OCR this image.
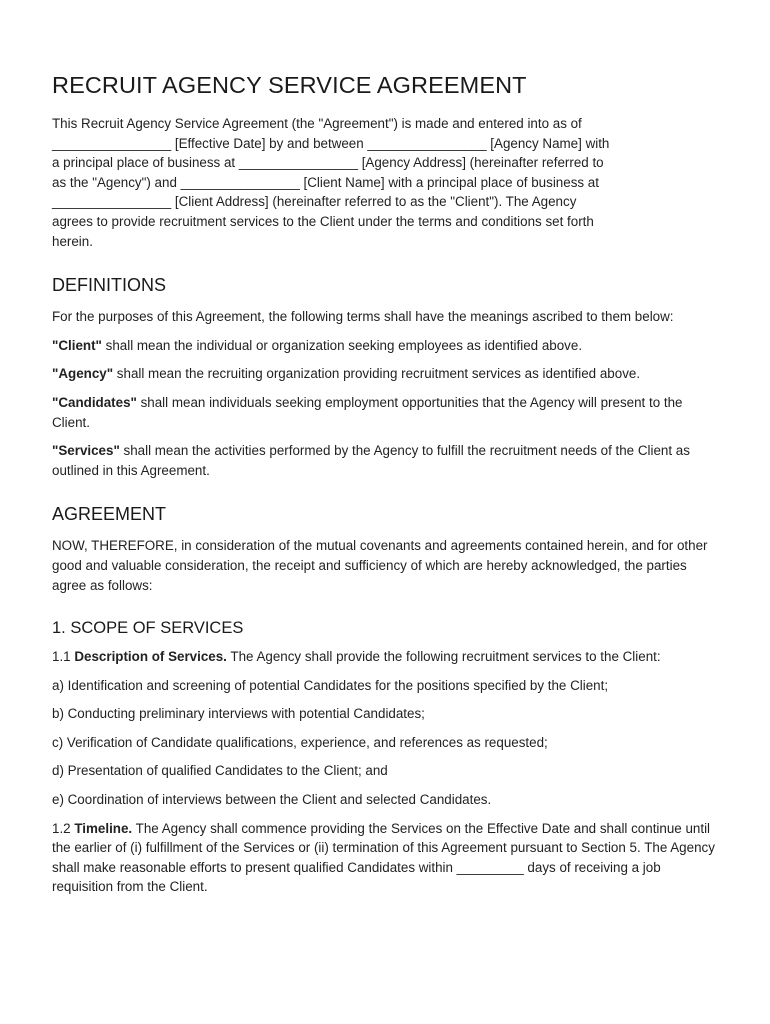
RECRUIT AGENCY SERVICE AGREEMENT

This Recruit Agency Service Agreement (the "Agreement") is made and entered into as of
________________ [Effective Date] by and between ________________ [Agency Name] with
a principal place of business at ________________ [Agency Address] (hereinafter referred to
as the "Agency") and ________________ [Client Name] with a principal place of business at
________________ [Client Address] (hereinafter referred to as the "Client"). The Agency
agrees to provide recruitment services to the Client under the terms and conditions set forth
herein.

DEFINITIONS

For the purposes of this Agreement, the following terms shall have the meanings ascribed to them below:

"Client" shall mean the individual or organization seeking employees as identified above.

"Agency" shall mean the recruiting organization providing recruitment services as identified above.

"Candidates" shall mean individuals seeking employment opportunities that the Agency will present to the Client.

"Services" shall mean the activities performed by the Agency to fulfill the recruitment needs of the Client as outlined in this Agreement.

AGREEMENT

NOW, THEREFORE, in consideration of the mutual covenants and agreements contained herein, and for other good and valuable consideration, the receipt and sufficiency of which are hereby acknowledged, the parties agree as follows:

1. SCOPE OF SERVICES

1.1 Description of Services. The Agency shall provide the following recruitment services to the Client:

a) Identification and screening of potential Candidates for the positions specified by the Client;

b) Conducting preliminary interviews with potential Candidates;

c) Verification of Candidate qualifications, experience, and references as requested;

d) Presentation of qualified Candidates to the Client; and

e) Coordination of interviews between the Client and selected Candidates.

1.2 Timeline. The Agency shall commence providing the Services on the Effective Date and shall continue until the earlier of (i) fulfillment of the Services or (ii) termination of this Agreement pursuant to Section 5. The Agency shall make reasonable efforts to present qualified Candidates within _________ days of receiving a job requisition from the Client.
